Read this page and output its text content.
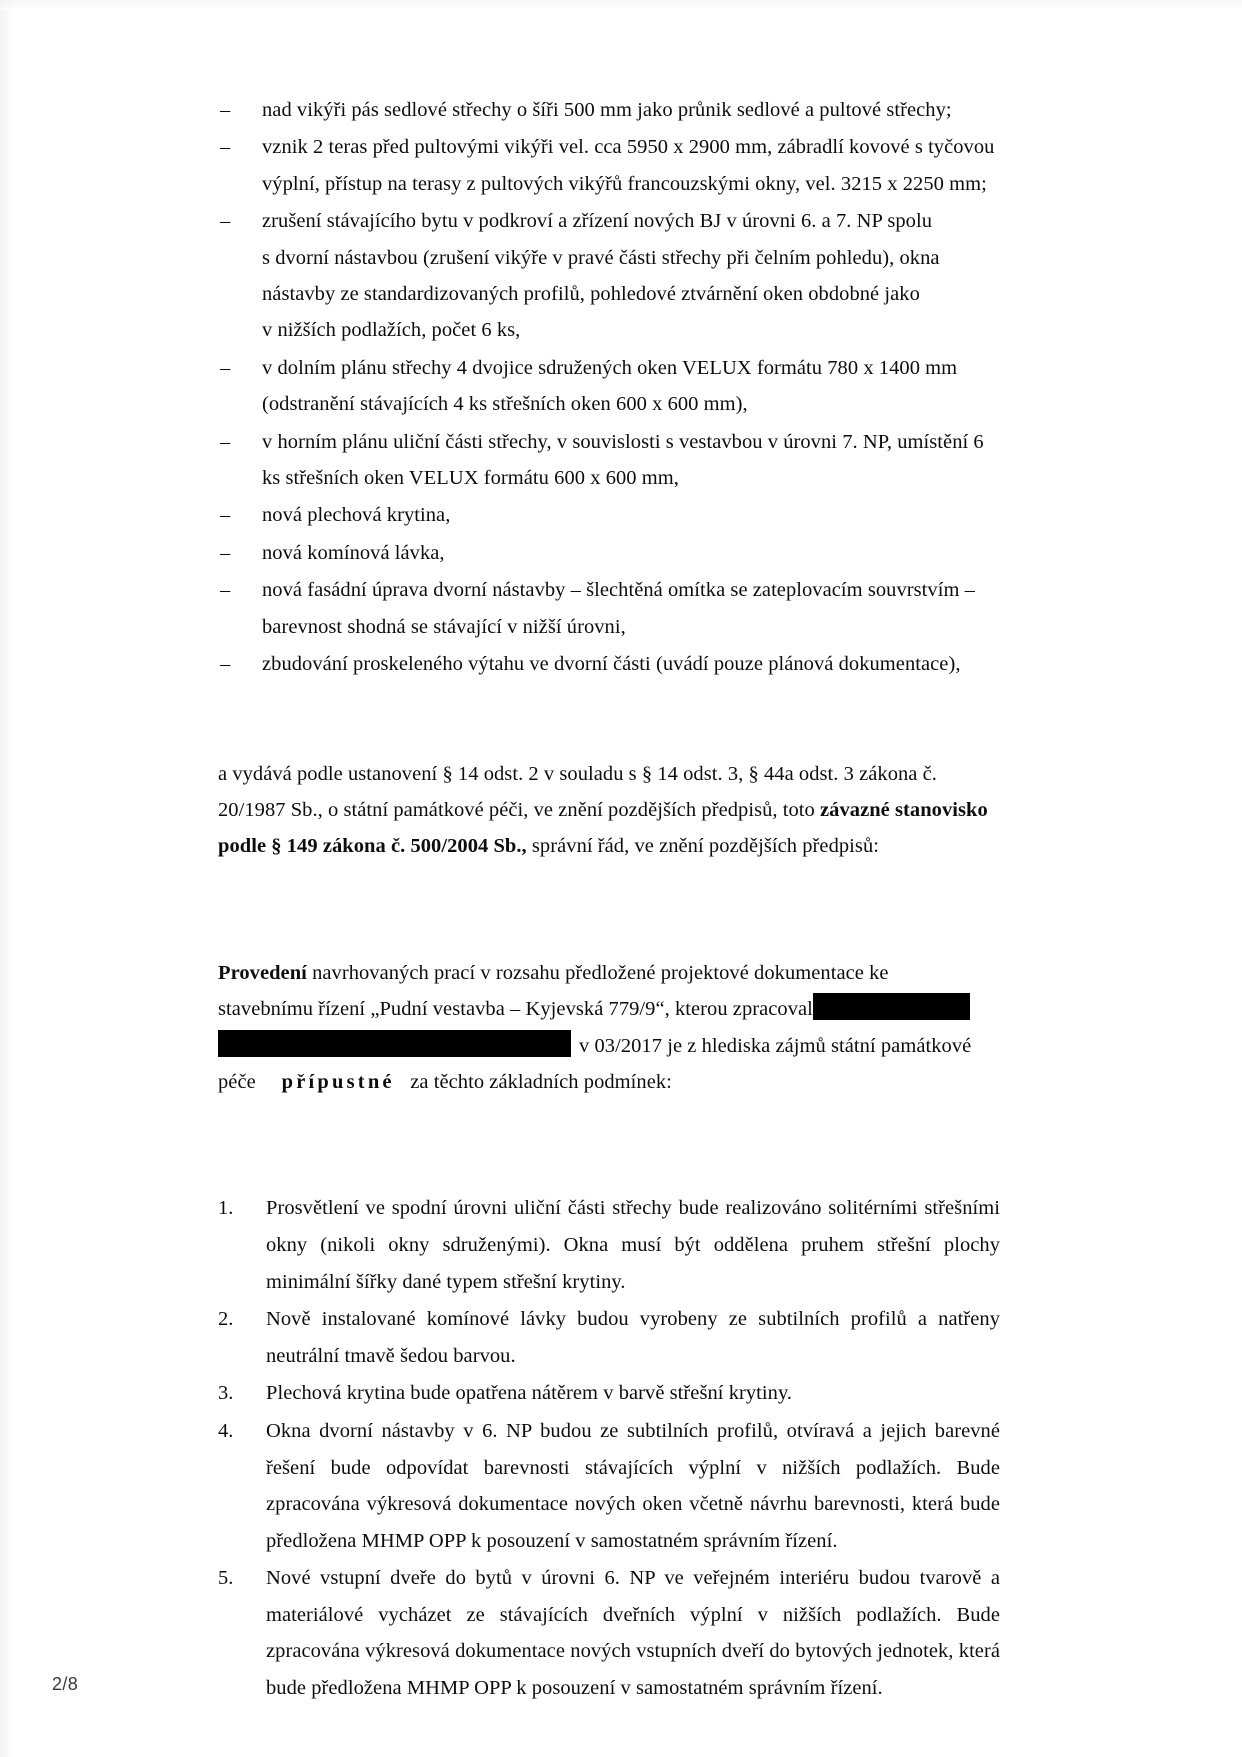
– nad vikýři pás sedlové střechy o šíři 500 mm jako průnik sedlové a pultové střechy;
– vznik 2 teras před pultovými vikýři vel. cca 5950 x 2900 mm, zábradlí kovové s tyčovou
výplní, přístup na terasy z pultových vikýřů francouzskými okny, vel. 3215 x 2250 mm;
– zrušení stávajícího bytu v podkroví a zřízení nových BJ v úrovni 6. a 7. NP spolu
s dvorní nástavbou (zrušení vikýře v pravé části střechy při čelním pohledu), okna
nástavby ze standardizovaných profilů, pohledové ztvárnění oken obdobné jako
v nižších podlažích, počet 6 ks,
– v dolním plánu střechy 4 dvojice sdružených oken VELUX formátu 780 x 1400 mm
(odstranění stávajících 4 ks střešních oken 600 x 600 mm),
– v horním plánu uliční části střechy, v souvislosti s vestavbou v úrovni 7. NP, umístění 6
ks střešních oken VELUX formátu 600 x 600 mm,
– nová plechová krytina,
– nová komínová lávka,
– nová fasádní úprava dvorní nástavby – šlechtěná omítka se zateplovacím souvrstvím –
barevnost shodná se stávající v nižší úrovni,
– zbudování proskeleného výtahu ve dvorní části (uvádí pouze plánová dokumentace),

a vydává podle ustanovení § 14 odst. 2 v souladu s § 14 odst. 3, § 44a odst. 3 zákona č.

20/1987 Sb., o státní památkové péči, ve znění pozdějších předpisů, toto závazné stanovisko

podle § 149 zákona č. 500/2004 Sb., správní řád, ve znění pozdějších předpisů:

Provedení navrhovaných prací v rozsahu předložené projektové dokumentace ke

stavebnímu řízení „Pudní vestavba – Kyjevská 779/9“, kterou zpracoval

v 03/2017 je z hlediska zájmů státní památkové

péče přípustné za těchto základních podmínek:

1.	Prosvětlení ve spodní úrovni uliční části střechy bude realizováno solitérními střešními okny (nikoli okny sdruženými). Okna musí být oddělena pruhem střešní plochy minimální šířky dané typem střešní krytiny.
2.	Nově instalované komínové lávky budou vyrobeny ze subtilních profilů a natřeny neutrální tmavě šedou barvou.
3.	Plechová krytina bude opatřena nátěrem v barvě střešní krytiny.
4.	Okna dvorní nástavby v 6. NP budou ze subtilních profilů, otvíravá a jejich barevné řešení bude odpovídat barevnosti stávajících výplní v nižších podlažích. Bude zpracována výkresová dokumentace nových oken včetně návrhu barevnosti, která bude předložena MHMP OPP k posouzení v samostatném správním řízení.
5.	Nové vstupní dveře do bytů v úrovni 6. NP ve veřejném interiéru budou tvarově a materiálové vycházet ze stávajících dveřních výplní v nižších podlažích. Bude zpracována výkresová dokumentace nových vstupních dveří do bytových jednotek, která bude předložena MHMP OPP k posouzení v samostatném správním řízení.
2/8
